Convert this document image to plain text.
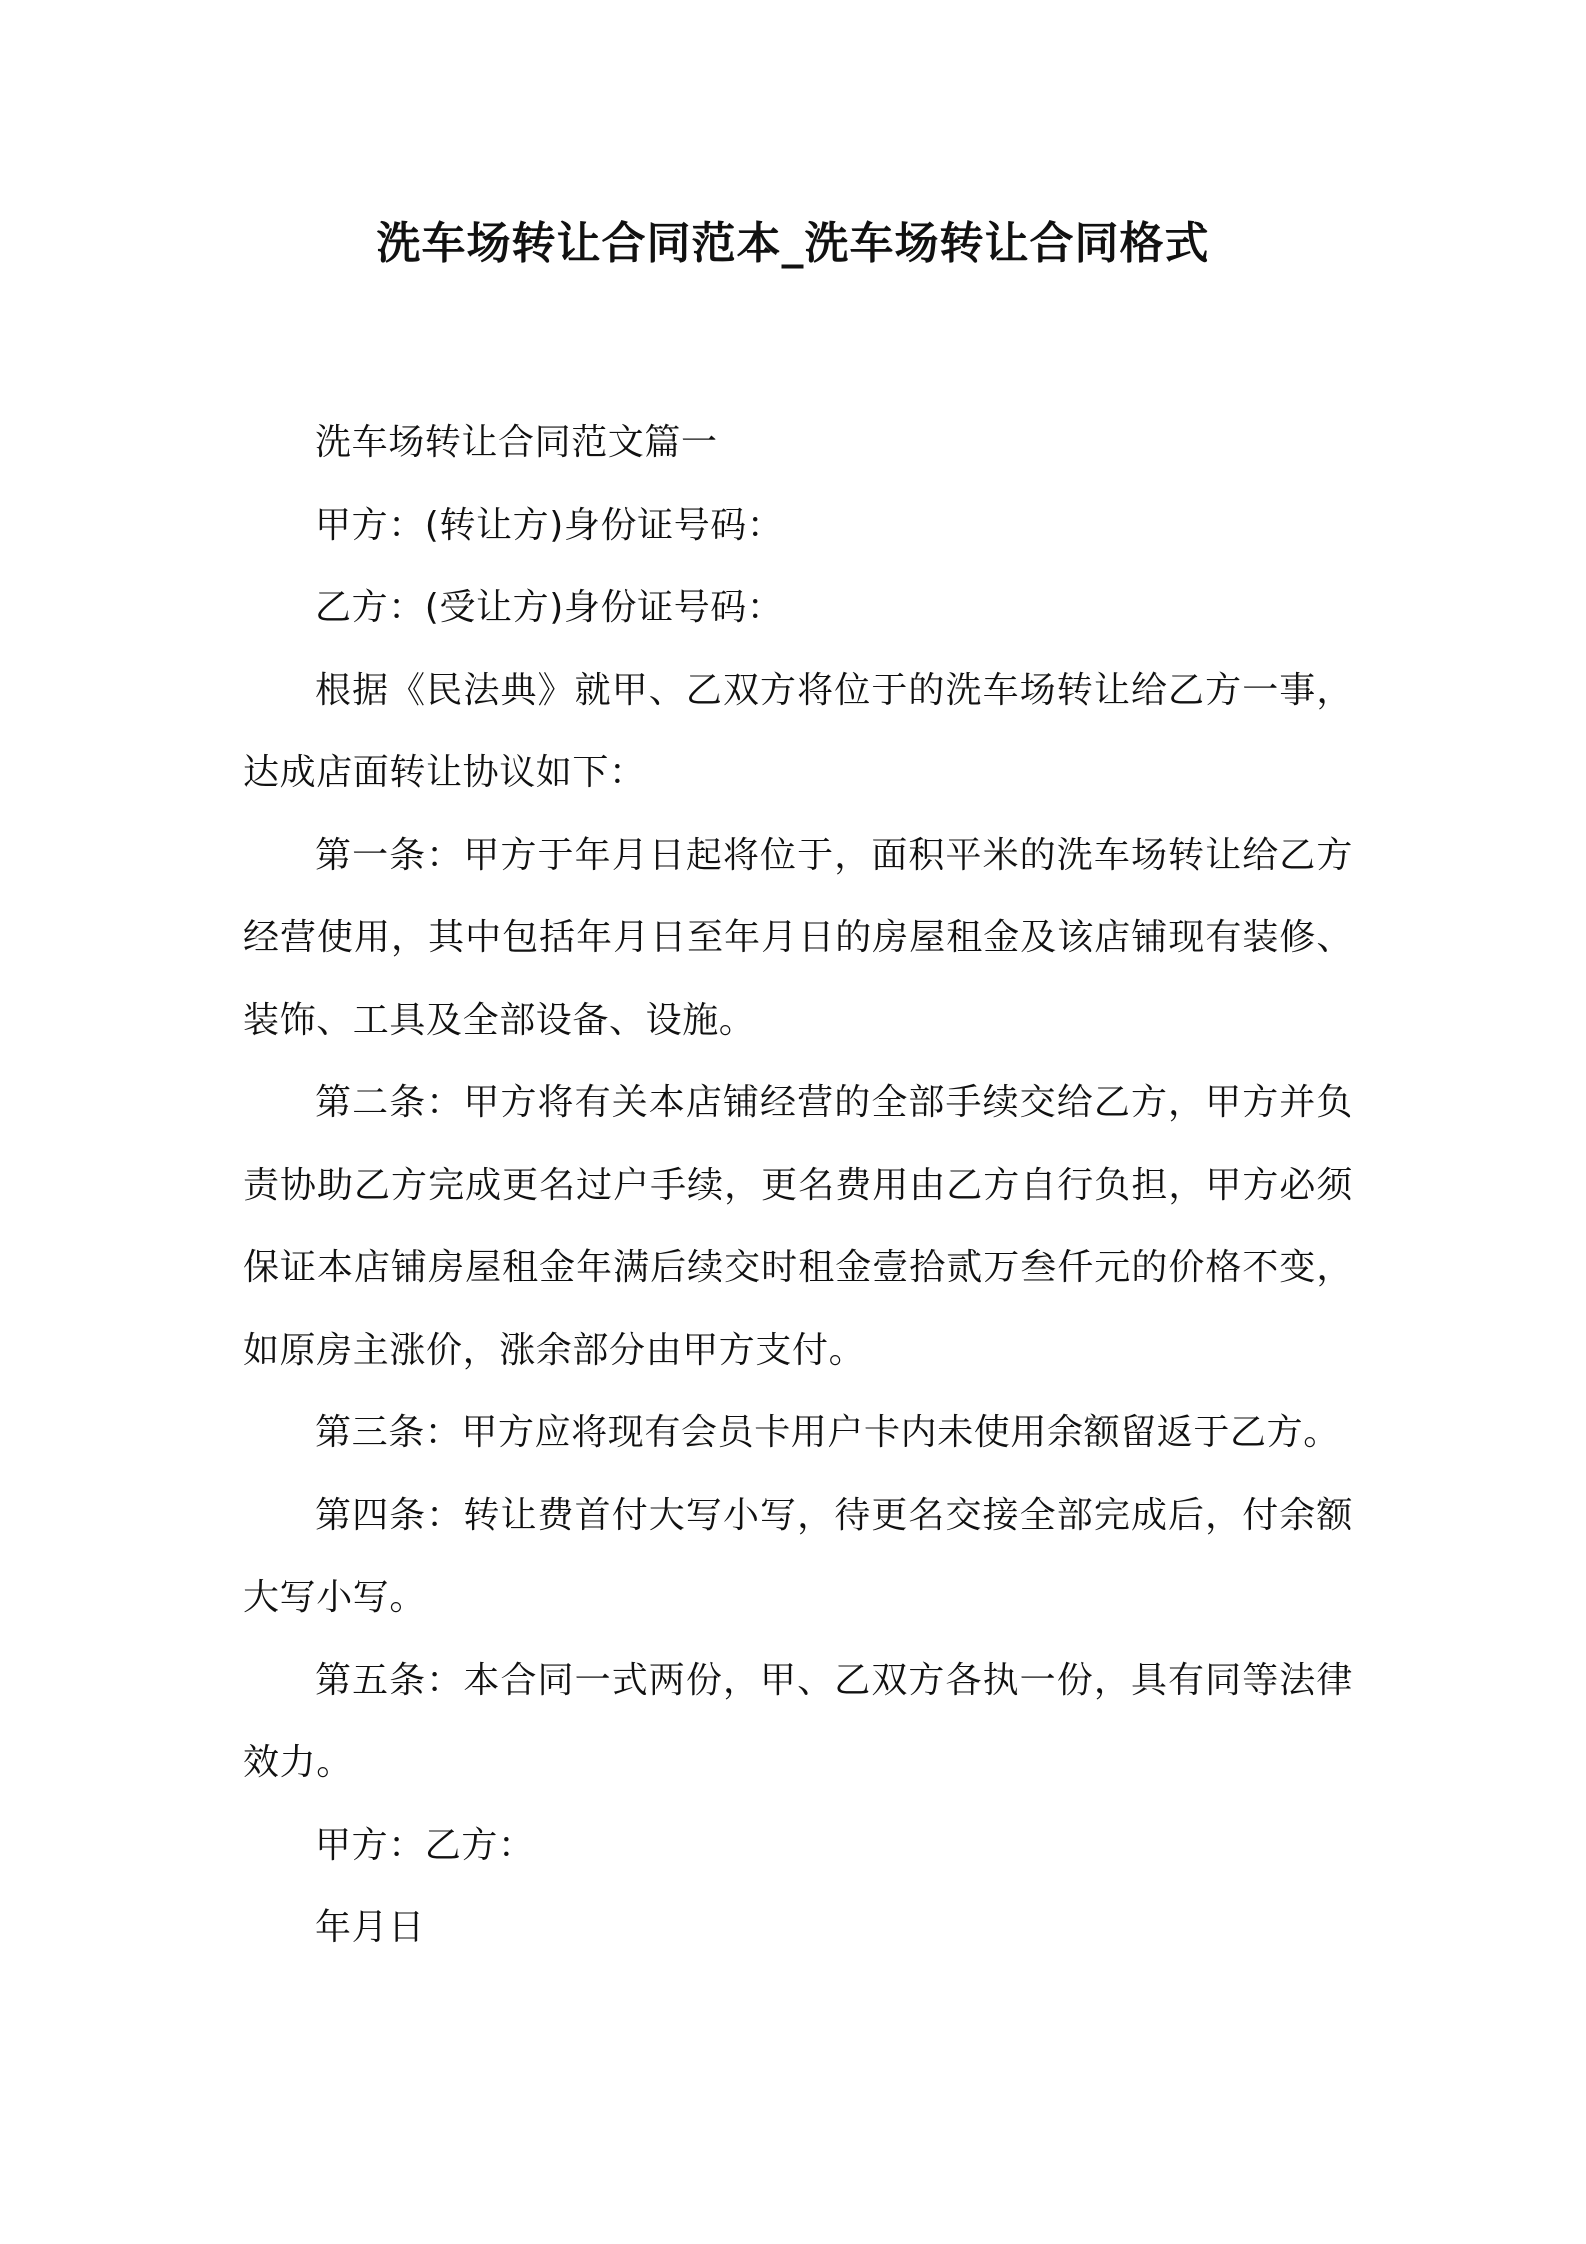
洗车场转让合同范本_洗车场转让合同格式

洗车场转让合同范文篇一

甲方：(转让方)身份证号码：

乙方：(受让方)身份证号码：

根据《民法典》就甲、乙双方将位于的洗车场转让给乙方一事，达成店面转让协议如下：

第一条：甲方于年月日起将位于，面积平米的洗车场转让给乙方经营使用，其中包括年月日至年月日的房屋租金及该店铺现有装修、装饰、工具及全部设备、设施。

第二条：甲方将有关本店铺经营的全部手续交给乙方，甲方并负责协助乙方完成更名过户手续，更名费用由乙方自行负担，甲方必须保证本店铺房屋租金年满后续交时租金壹拾贰万叁仟元的价格不变，如原房主涨价，涨余部分由甲方支付。

第三条：甲方应将现有会员卡用户卡内未使用余额留返于乙方。

第四条：转让费首付大写小写，待更名交接全部完成后，付余额大写小写。

第五条：本合同一式两份，甲、乙双方各执一份，具有同等法律效力。

甲方：乙方：

年月日
